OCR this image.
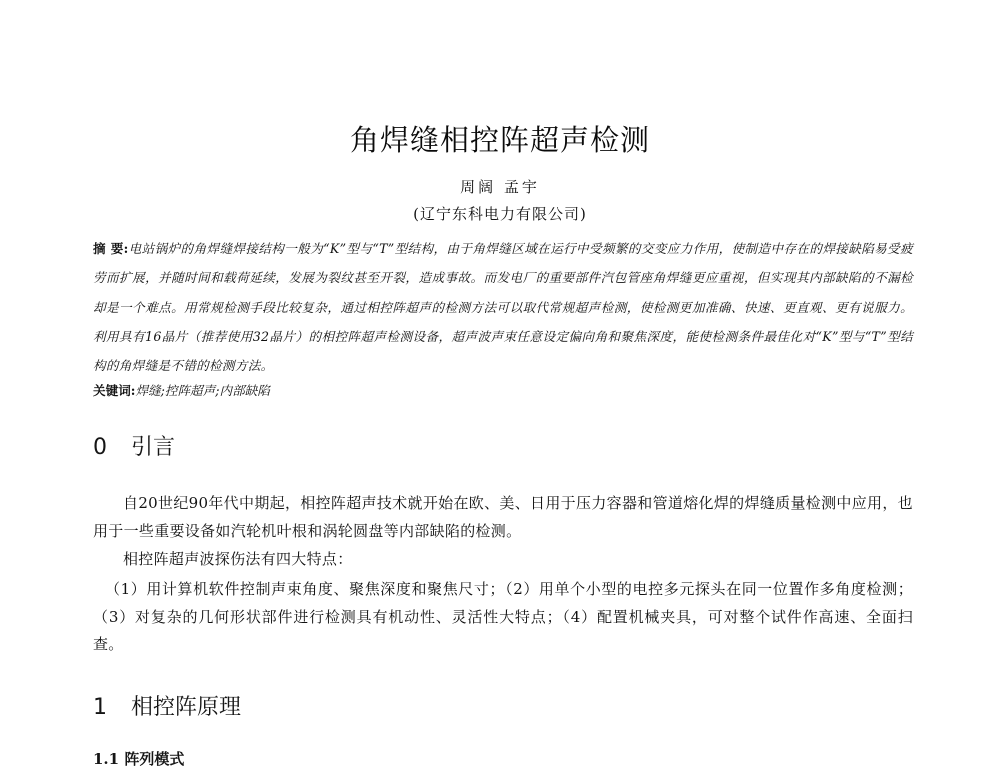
角焊缝相控阵超声检测
周阔 孟宇
(辽宁东科电力有限公司)
摘 要:电站锅炉的角焊缝焊接结构一般为“K”型与“T”型结构，由于角焊缝区域在运行中受频繁的交变应力作用，使制造中存在的焊接缺陷易受疲劳而扩展，并随时间和载荷延续，发展为裂纹甚至开裂，造成事故。而发电厂的重要部件汽包管座角焊缝更应重视，但实现其内部缺陷的不漏检却是一个难点。用常规检测手段比较复杂，通过相控阵超声的检测方法可以取代常规超声检测，使检测更加准确、快速、更直观、更有说服力。利用具有16晶片（推荐使用32晶片）的相控阵超声检测设备，超声波声束任意设定偏向角和聚焦深度，能使检测条件最佳化对“K”型与“T”型结构的角焊缝是不错的检测方法。
关键词:焊缝;控阵超声;内部缺陷
0 引言
自20世纪90年代中期起，相控阵超声技术就开始在欧、美、日用于压力容器和管道熔化焊的焊缝质量检测中应用，也用于一些重要设备如汽轮机叶根和涡轮圆盘等内部缺陷的检测。
相控阵超声波探伤法有四大特点：
（1）用计算机软件控制声束角度、聚焦深度和聚焦尺寸；（2）用单个小型的电控多元探头在同一位置作多角度检测；（3）对复杂的几何形状部件进行检测具有机动性、灵活性大特点；（4）配置机械夹具，可对整个试件作高速、全面扫查。
1 相控阵原理
1.1 阵列模式
